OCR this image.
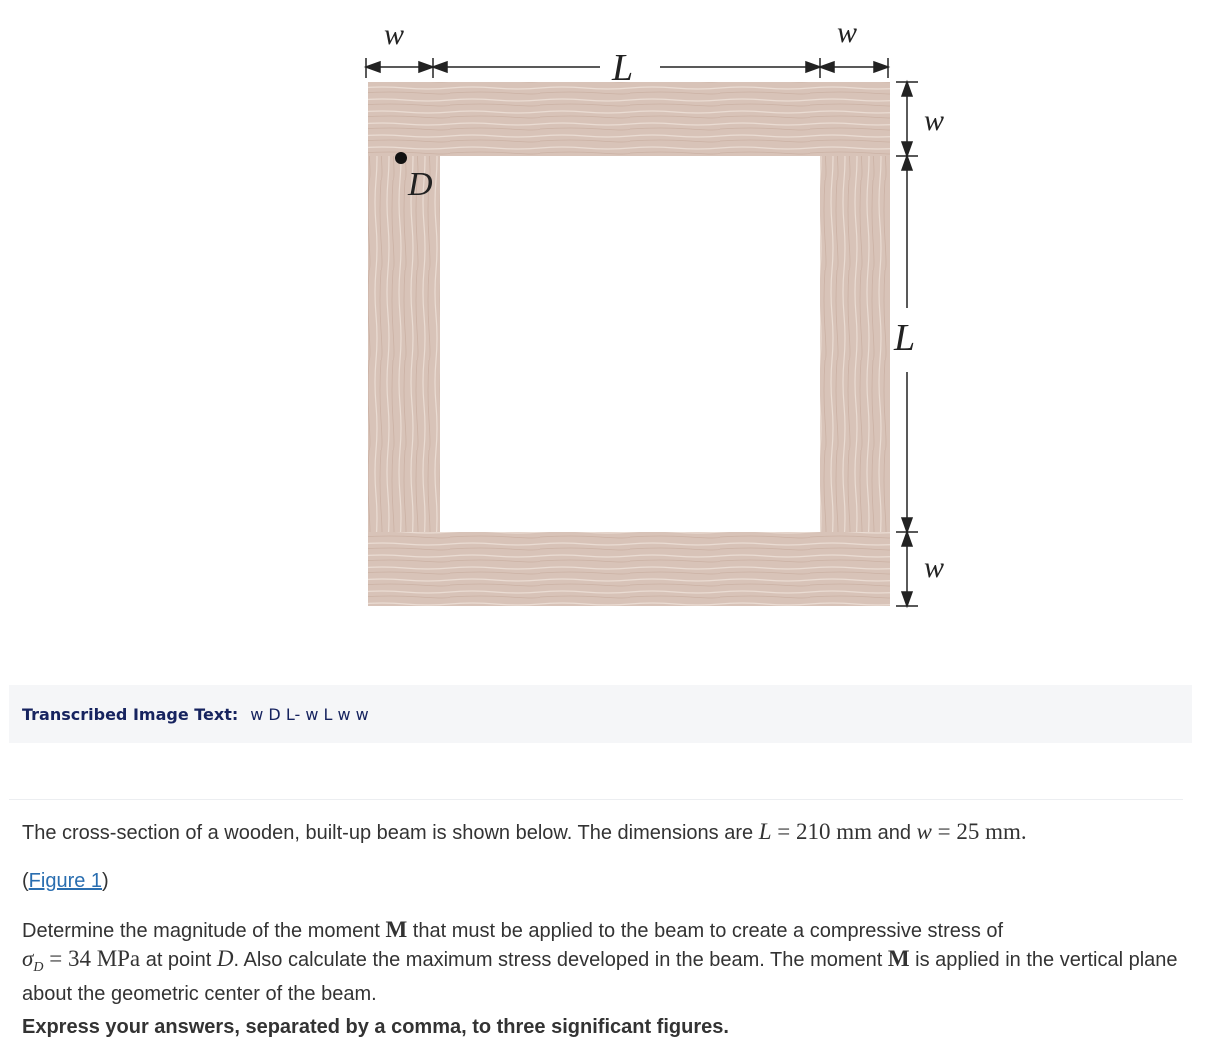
D
w
L
w
w
L
w
Transcribed Image Text: w D L- w L w w

The cross-section of a wooden, built-up beam is shown below. The dimensions are L = 210 mm and w = 25 mm.

(Figure 1)

Determine the magnitude of the moment M that must be applied to the beam to create a compressive stress of
$\sigma_D = 34$ MPa at point D. Also calculate the maximum stress developed in the beam. The moment M is applied in the vertical plane about the geometric center of the beam.

Express your answers, separated by a comma, to three significant figures.
